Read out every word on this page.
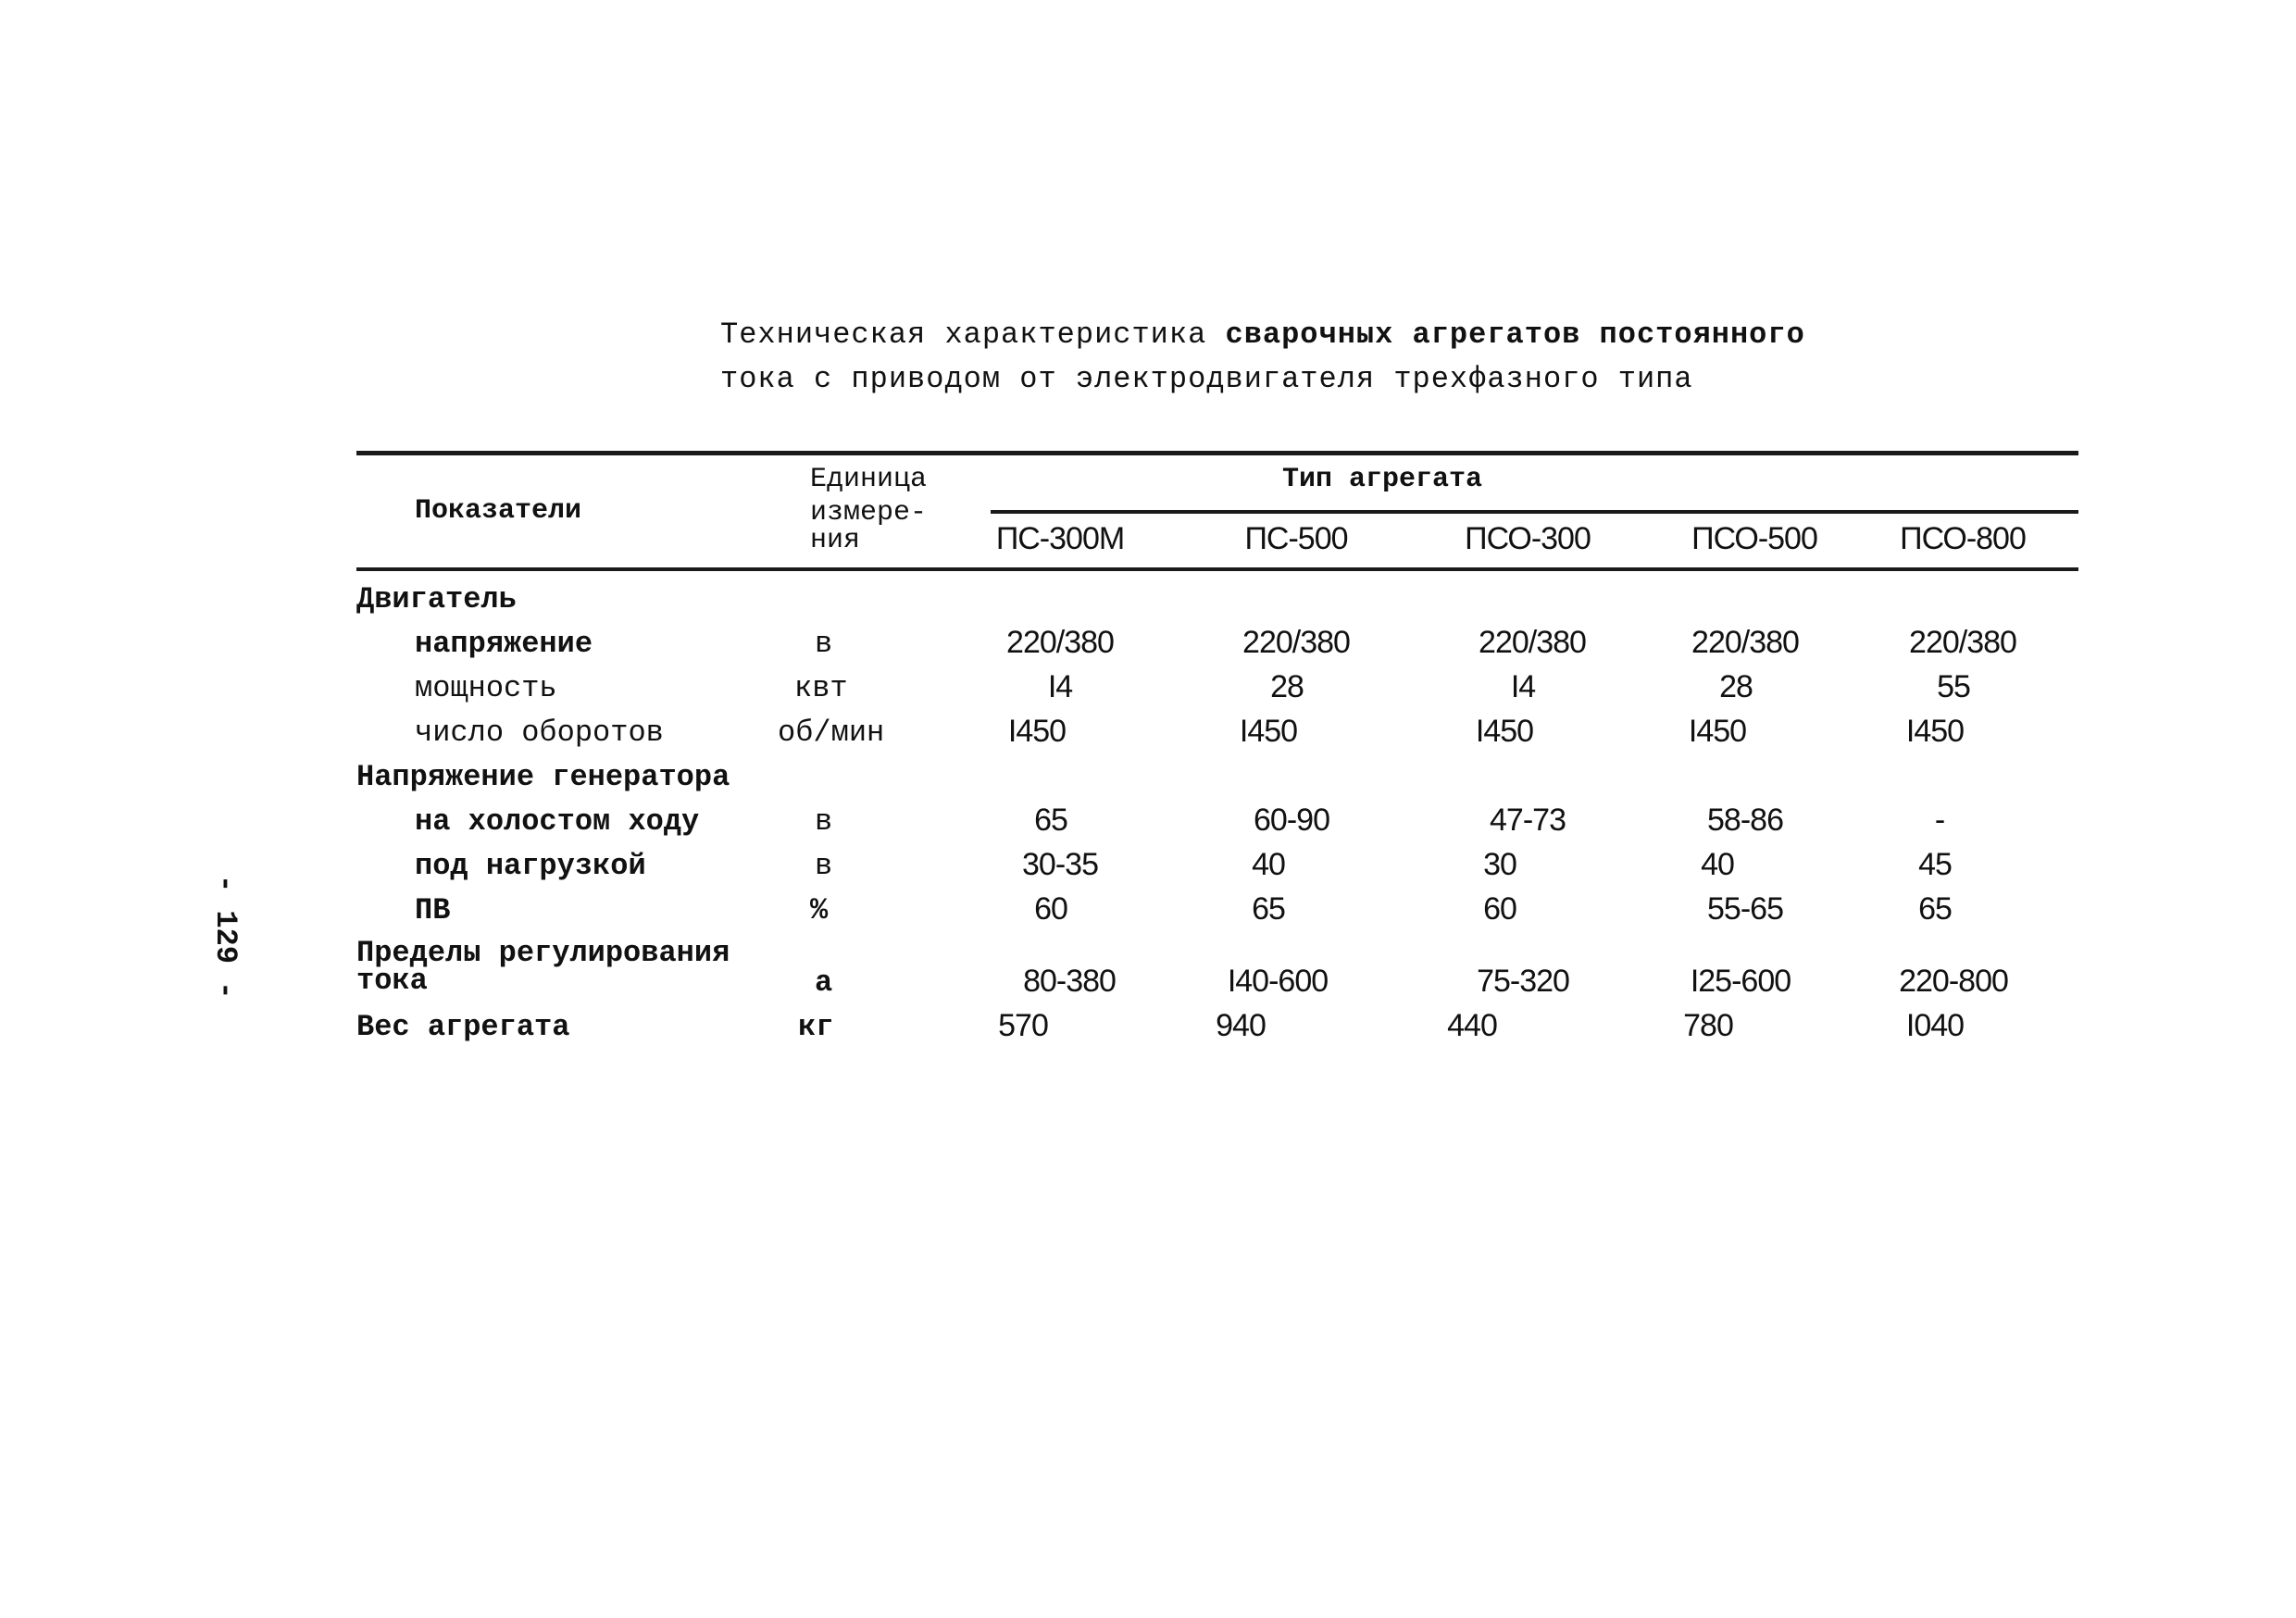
Техническая характеристика сварочных агрегатов постоянного
тока с приводом от электродвигателя трехфазного типа
- 129 -
Показатели
Единица
измере-
ния
Тип агрегата
ПС-300М	ПС-500	ПСО-300	ПСО-500	ПСО-800
Двигатель
напряжение	в	220/380	220/380	220/380	220/380	220/380
мощность	квт	I4	28	I4	28	55
число оборотов	об/мин	I450	I450	I450	I450	I450
Напряжение генератора
на холостом ходу	в	65	60-90	47-73	58-86	-
под нагрузкой	в	30-35	40	30	40	45
ПВ	%	60	65	60	55-65	65
Пределы регулирования
тока	а	80-380	I40-600	75-320	I25-600	220-800
Вес агрегата	кг	570	940	440	780	I040
